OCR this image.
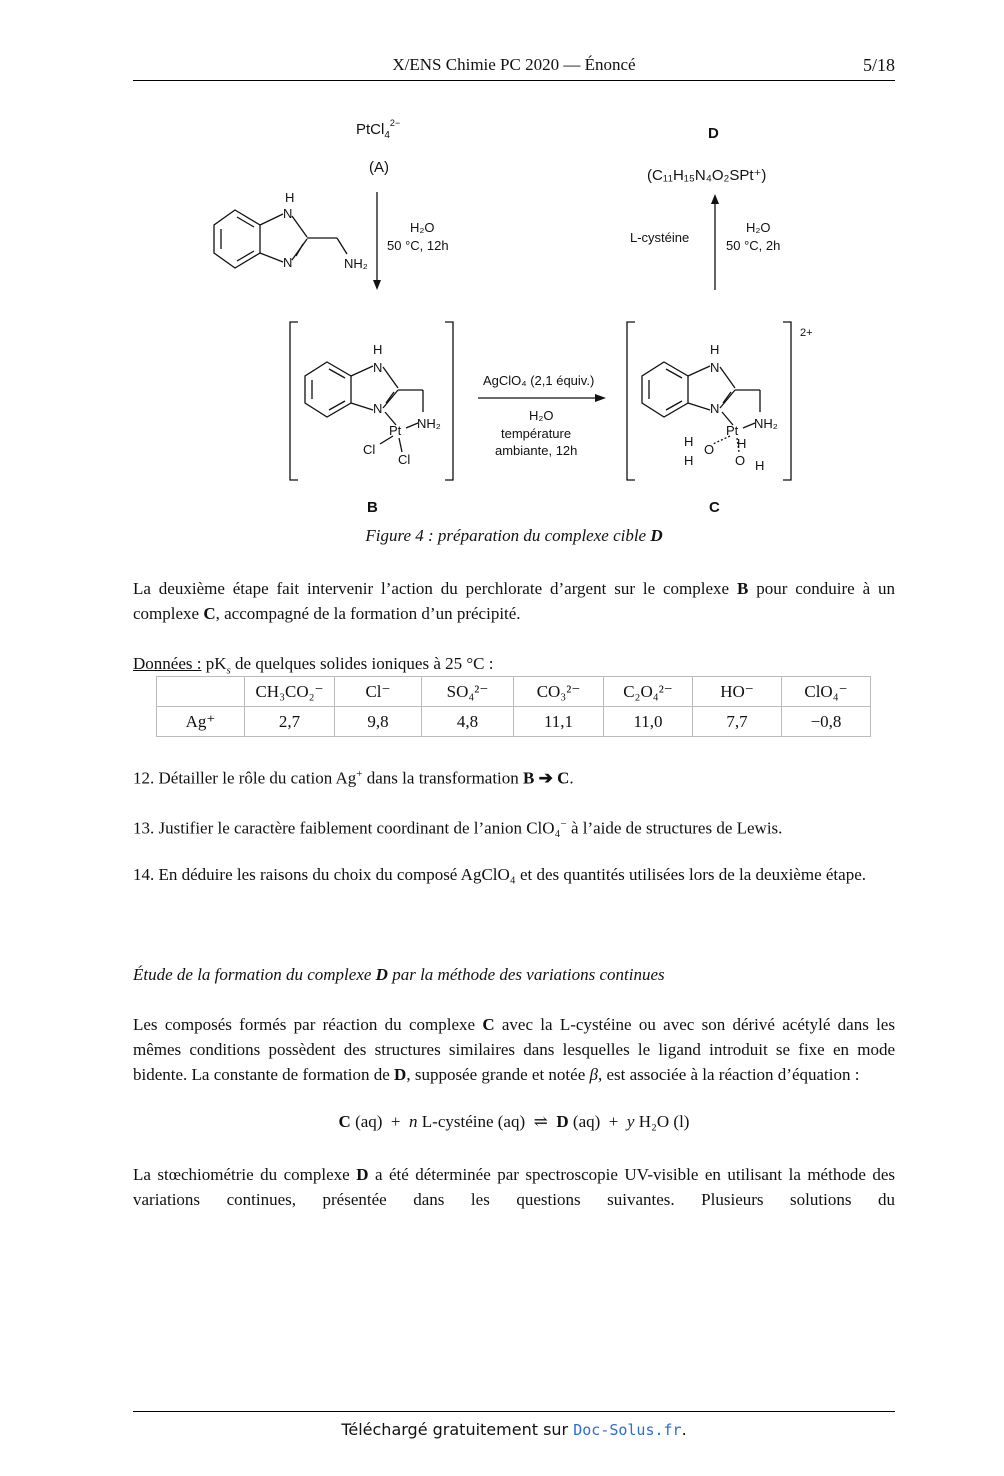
X/ENS Chimie PC 2020 — Énoncé	5/18
PtCl$_4^{2-}$
(A)
N
N
H
NH₂
H₂O
50 °C, 12h
D
(C₁₁H₁₅N₄O₂SPt⁺)
L-cystéine
H₂O
50 °C, 2h
N
H
N
Pt NH₂
Cl
Cl
B
AgClO₄ (2,1 équiv.)
H₂O
température
ambiante, 12h
N
H
N
Pt NH₂
H
O
H	O H
H
2+
C
Figure 4 : préparation du complexe cible D
La deuxième étape fait intervenir l’action du perchlorate d’argent sur le complexe B pour conduire à un complexe C, accompagné de la formation d’un précipité.
Données : $pK_s$ de quelques solides ioniques à 25 °C :
	CH₃CO₂⁻	Cl⁻	SO₄²⁻	CO₃²⁻	C₂O₄²⁻	HO⁻	ClO₄⁻
Ag⁺	2,7	9,8	4,8	11,1	11,0	7,7	−0,8
12. Détailler le rôle du cation Ag+ dans la transformation B ➔ C.
13. Justifier le caractère faiblement coordinant de l’anion ClO₄− à l’aide de structures de Lewis.
14. En déduire les raisons du choix du composé AgClO₄ et des quantités utilisées lors de la deuxième étape.
Étude de la formation du complexe D par la méthode des variations continues
Les composés formés par réaction du complexe C avec la L-cystéine ou avec son dérivé acétylé dans les mêmes conditions possèdent des structures similaires dans lesquelles le ligand introduit se fixe en mode bidente. La constante de formation de D, supposée grande et notée β, est associée à la réaction d’équation :
C (aq)  +  n L-cystéine (aq)  ⇌  D (aq)  +  y H₂O (l)
La stœchiométrie du complexe D a été déterminée par spectroscopie UV-visible en utilisant la méthode des variations continues, présentée dans les questions suivantes. Plusieurs solutions du
Téléchargé gratuitement sur Doc-Solus.fr.
